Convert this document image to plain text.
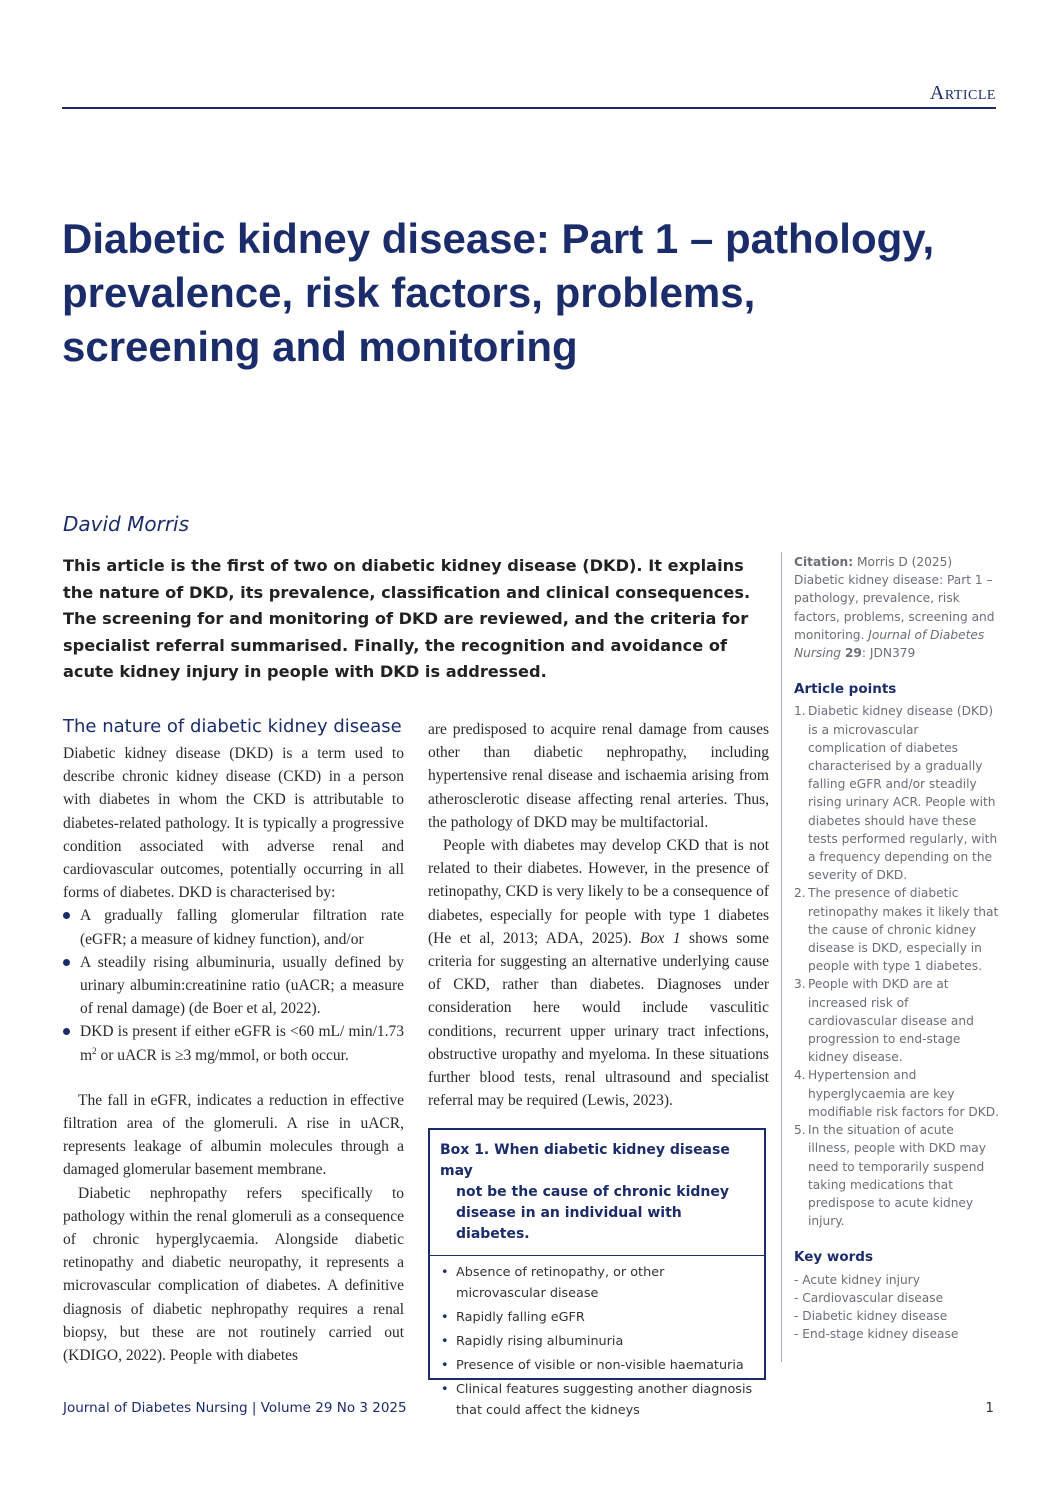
Article
Diabetic kidney disease: Part 1 – pathology, prevalence, risk factors, problems, screening and monitoring
David Morris

This article is the first of two on diabetic kidney disease (DKD). It explains the nature of DKD, its prevalence, classification and clinical consequences. The screening for and monitoring of DKD are reviewed, and the criteria for specialist referral summarised. Finally, the recognition and avoidance of acute kidney injury in people with DKD is addressed.

The nature of diabetic kidney disease

Diabetic kidney disease (DKD) is a term used to describe chronic kidney disease (CKD) in a person with diabetes in whom the CKD is attributable to diabetes-related pathology. It is typically a progressive condition associated with adverse renal and cardiovascular outcomes, potentially occurring in all forms of diabetes. DKD is characterised by:

A gradually falling glomerular filtration rate (eGFR; a measure of kidney function), and/or
A steadily rising albuminuria, usually defined by urinary albumin:creatinine ratio (uACR; a measure of renal damage) (de Boer et al, 2022).
DKD is present if either eGFR is <60 mL/ min/1.73 $m^2$ or uACR is ≥3 mg/mmol, or both occur.

The fall in eGFR, indicates a reduction in effective filtration area of the glomeruli. A rise in uACR, represents leakage of albumin molecules through a damaged glomerular basement membrane.

Diabetic nephropathy refers specifically to pathology within the renal glomeruli as a consequence of chronic hyperglycaemia. Alongside diabetic retinopathy and diabetic neuropathy, it represents a microvascular complication of diabetes. A definitive diagnosis of diabetic nephropathy requires a renal biopsy, but these are not routinely carried out (KDIGO, 2022). People with diabetes

are predisposed to acquire renal damage from causes other than diabetic nephropathy, including hypertensive renal disease and ischaemia arising from atherosclerotic disease affecting renal arteries. Thus, the pathology of DKD may be multifactorial.

People with diabetes may develop CKD that is not related to their diabetes. However, in the presence of retinopathy, CKD is very likely to be a consequence of diabetes, especially for people with type 1 diabetes (He et al, 2013; ADA, 2025). Box 1 shows some criteria for suggesting an alternative underlying cause of CKD, rather than diabetes. Diagnoses under consideration here would include vasculitic conditions, recurrent upper urinary tract infections, obstructive uropathy and myeloma. In these situations further blood tests, renal ultrasound and specialist referral may be required (Lewis, 2023).

Box 1. When diabetic kidney disease may
not be the cause of chronic kidney
disease in an individual with diabetes.
• Absence of retinopathy, or other microvascular disease
• Rapidly falling eGFR
• Rapidly rising albuminuria
• Presence of visible or non-visible haematuria
• Clinical features suggesting another diagnosis that could affect the kidneys
Citation: Morris D (2025) Diabetic kidney disease: Part 1 – pathology, prevalence, risk factors, problems, screening and monitoring. Journal of Diabetes Nursing 29: JDN379
Article points
1. Diabetic kidney disease (DKD) is a microvascular complication of diabetes characterised by a gradually falling eGFR and/or steadily rising urinary ACR. People with diabetes should have these tests performed regularly, with a frequency depending on the severity of DKD.
2. The presence of diabetic retinopathy makes it likely that the cause of chronic kidney disease is DKD, especially in people with type 1 diabetes.
3. People with DKD are at increased risk of cardiovascular disease and progression to end-stage kidney disease.
4. Hypertension and hyperglycaemia are key modifiable risk factors for DKD.
5. In the situation of acute illness, people with DKD may need to temporarily suspend taking medications that predispose to acute kidney injury.
Key words
- Acute kidney injury
- Cardiovascular disease
- Diabetic kidney disease
- End-stage kidney disease
Journal of Diabetes Nursing | Volume 29 No 3 2025	1
